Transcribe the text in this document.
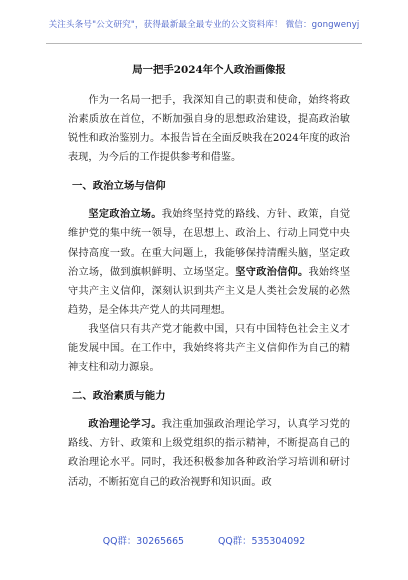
关注头条号"公文研究"，获得最新最全最专业的公文资料库！ 微信：gongwenyj
局一把手2024年个人政治画像报

作为一名局一把手，我深知自己的职责和使命，始终将政治素质放在首位，不断加强自身的思想政治建设，提高政治敏锐性和政治鉴别力。本报告旨在全面反映我在2024年度的政治表现，为今后的工作提供参考和借鉴。

一、政治立场与信仰

坚定政治立场。我始终坚持党的路线、方针、政策，自觉维护党的集中统一领导，在思想上、政治上、行动上同党中央保持高度一致。在重大问题上，我能够保持清醒头脑，坚定政治立场，做到旗帜鲜明、立场坚定。坚守政治信仰。我始终坚守共产主义信仰，深刻认识到共产主义是人类社会发展的必然趋势，是全体共产党人的共同理想。

我坚信只有共产党才能救中国，只有中国特色社会主义才能发展中国。在工作中，我始终将共产主义信仰作为自己的精神支柱和动力源泉。

二、政治素质与能力

政治理论学习。我注重加强政治理论学习，认真学习党的路线、方针、政策和上级党组织的指示精神，不断提高自己的政治理论水平。同时，我还积极参加各种政治学习培训和研讨活动，不断拓宽自己的政治视野和知识面。政

QQ群：30265665	QQ群：535304092
